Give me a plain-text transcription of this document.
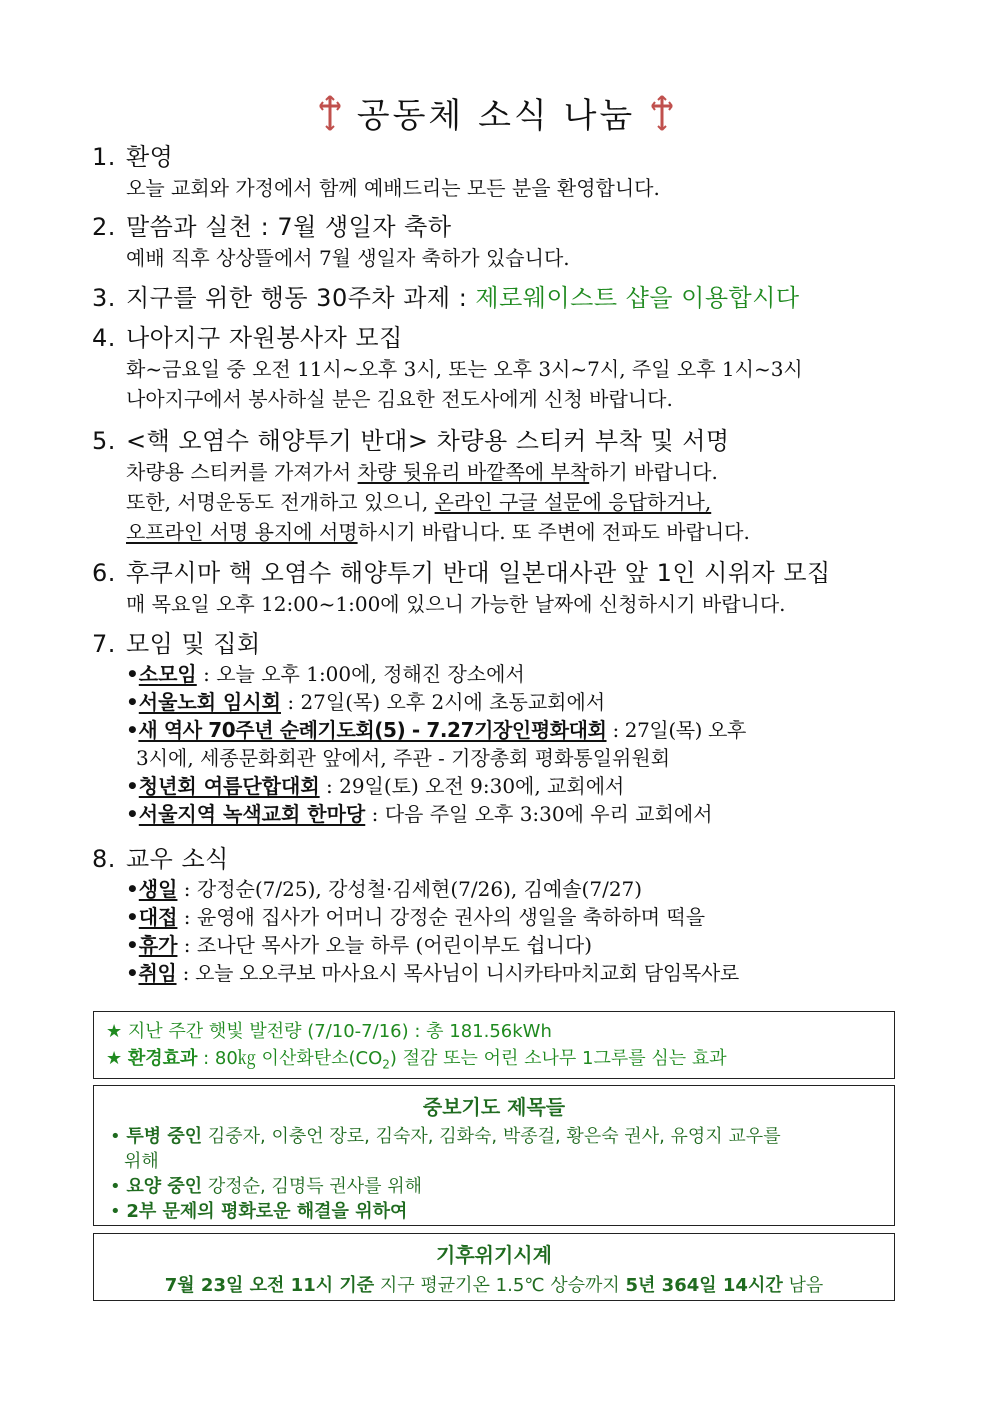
공동체 소식 나눔
1. 환영
오늘 교회와 가정에서 함께 예배드리는 모든 분을 환영합니다.
2. 말씀과 실천 : 7월 생일자 축하
예배 직후 상상뜰에서 7월 생일자 축하가 있습니다.
3. 지구를 위한 행동 30주차 과제 : 제로웨이스트 샵을 이용합시다
4. 나아지구 자원봉사자 모집
화~금요일 중 오전 11시~오후 3시, 또는 오후 3시~7시, 주일 오후 1시~3시
나아지구에서 봉사하실 분은 김요한 전도사에게 신청 바랍니다.
5. <핵 오염수 해양투기 반대> 차량용 스티커 부착 및 서명
차량용 스티커를 가져가서 차량 뒷유리 바깥쪽에 부착하기 바랍니다.
또한, 서명운동도 전개하고 있으니, 온라인 구글 설문에 응답하거나,
오프라인 서명 용지에 서명하시기 바랍니다. 또 주변에 전파도 바랍니다.
6. 후쿠시마 핵 오염수 해양투기 반대 일본대사관 앞 1인 시위자 모집
매 목요일 오후 12:00~1:00에 있으니 가능한 날짜에 신청하시기 바랍니다.
7. 모임 및 집회
•소모임 : 오늘 오후 1:00에, 정해진 장소에서
•서울노회 임시회 : 27일(목) 오후 2시에 초동교회에서
•새 역사 70주년 순례기도회(5) - 7.27기장인평화대회 : 27일(목) 오후
3시에, 세종문화회관 앞에서, 주관 - 기장총회 평화통일위원회
•청년회 여름단합대회 : 29일(토) 오전 9:30에, 교회에서
•서울지역 녹색교회 한마당 : 다음 주일 오후 3:30에 우리 교회에서
8. 교우 소식
•생일 : 강정순(7/25), 강성철·김세현(7/26), 김예솔(7/27)
•대접 : 윤영애 집사가 어머니 강정순 권사의 생일을 축하하며 떡을
•휴가 : 조나단 목사가 오늘 하루 (어린이부도 쉽니다)
•취임 : 오늘 오오쿠보 마사요시 목사님이 니시카타마치교회 담임목사로
★ 지난 주간 햇빛 발전량 (7/10-7/16) : 총 181.56kWh
★ 환경효과 : 80㎏ 이산화탄소$(CO_2)$ 절감 또는 어린 소나무 1그루를 심는 효과
중보기도 제목들
• 투병 중인 김중자, 이충언 장로, 김숙자, 김화숙, 박종걸, 황은숙 권사, 유영지 교우를
위해
• 요양 중인 강정순, 김명득 권사를 위해
• 2부 문제의 평화로운 해결을 위하여
기후위기시계
7월 23일 오전 11시 기준 지구 평균기온 1.5℃ 상승까지 5년 364일 14시간 남음
